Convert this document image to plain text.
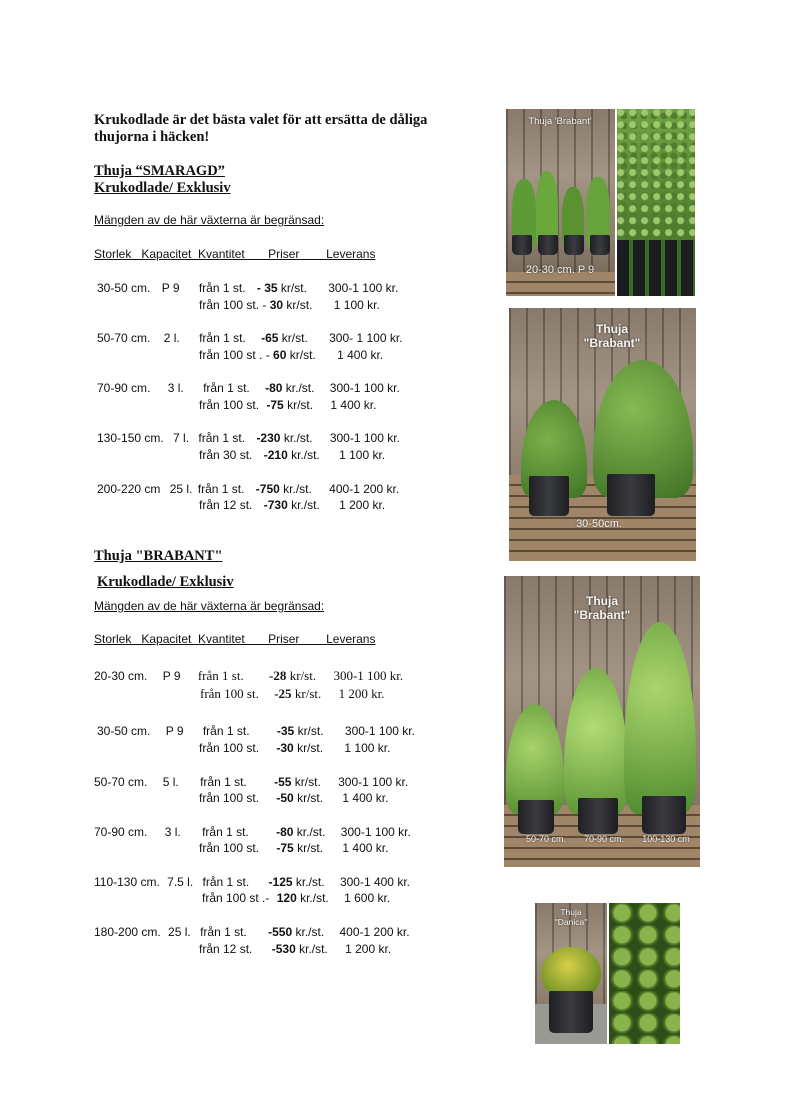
Krukodlade är det bästa valet för att ersätta de dåliga thujorna i häcken!
Thuja “SMARAGD”
Krukodlade/ Exklusiv
Mängden av de här växterna är begränsad:
Storlek   Kapacitet  Kvantitet       Priser        Leverans
30-50 cm. P 9 från 1 st. - 35 kr/st. 300-1 100 kr.
från 100 st. - 30 kr/st. 1 100 kr.
50-70 cm. 2 l. från 1 st. -65 kr/st. 300- 1 100 kr.
från 100 st . - 60 kr/st. 1 400 kr.
70-90 cm. 3 l. från 1 st. -80 kr./st. 300-1 100 kr.
från 100 st. -75 kr/st. 1 400 kr.
130-150 cm. 7 l. från 1 st. -230 kr./st. 300-1 100 kr.
från 30 st. -210 kr./st. 1 100 kr.
200-220 cm 25 l. från 1 st. -750 kr./st. 400-1 200 kr.
från 12 st. -730 kr./st. 1 200 kr.
Thuja "BRABANT"
Krukodlade/ Exklusiv
Mängden av de här växterna är begränsad:
Storlek   Kapacitet  Kvantitet       Priser        Leverans
20-30 cm. P 9 från 1 st. -28 kr/st. 300-1 100 kr.
från 100 st. -25 kr/st. 1 200 kr.
30-50 cm. P 9 från 1 st. -35 kr/st. 300-1 100 kr.
från 100 st. -30 kr/st. 1 100 kr.
50-70 cm. 5 l. från 1 st. -55 kr/st. 300-1 100 kr.
från 100 st. -50 kr/st. 1 400 kr.
70-90 cm. 3 l. från 1 st. -80 kr./st. 300-1 100 kr.
från 100 st. -75 kr/st. 1 400 kr.
110-130 cm. 7.5 l. från 1 st. -125 kr./st. 300-1 400 kr.
från 100 st .- 120 kr./st. 1 600 kr.
180-200 cm. 25 l. från 1 st. -550 kr./st. 400-1 200 kr.
från 12 st. -530 kr./st. 1 200 kr.
Thuja 'Brabant'
20-30 cm. P 9
Thuja
"Brabant"
30-50cm.
Thuja
"Brabant"
50-70 cm.	70-90 cm.	100-130 cm
Thuja
"Danica"
